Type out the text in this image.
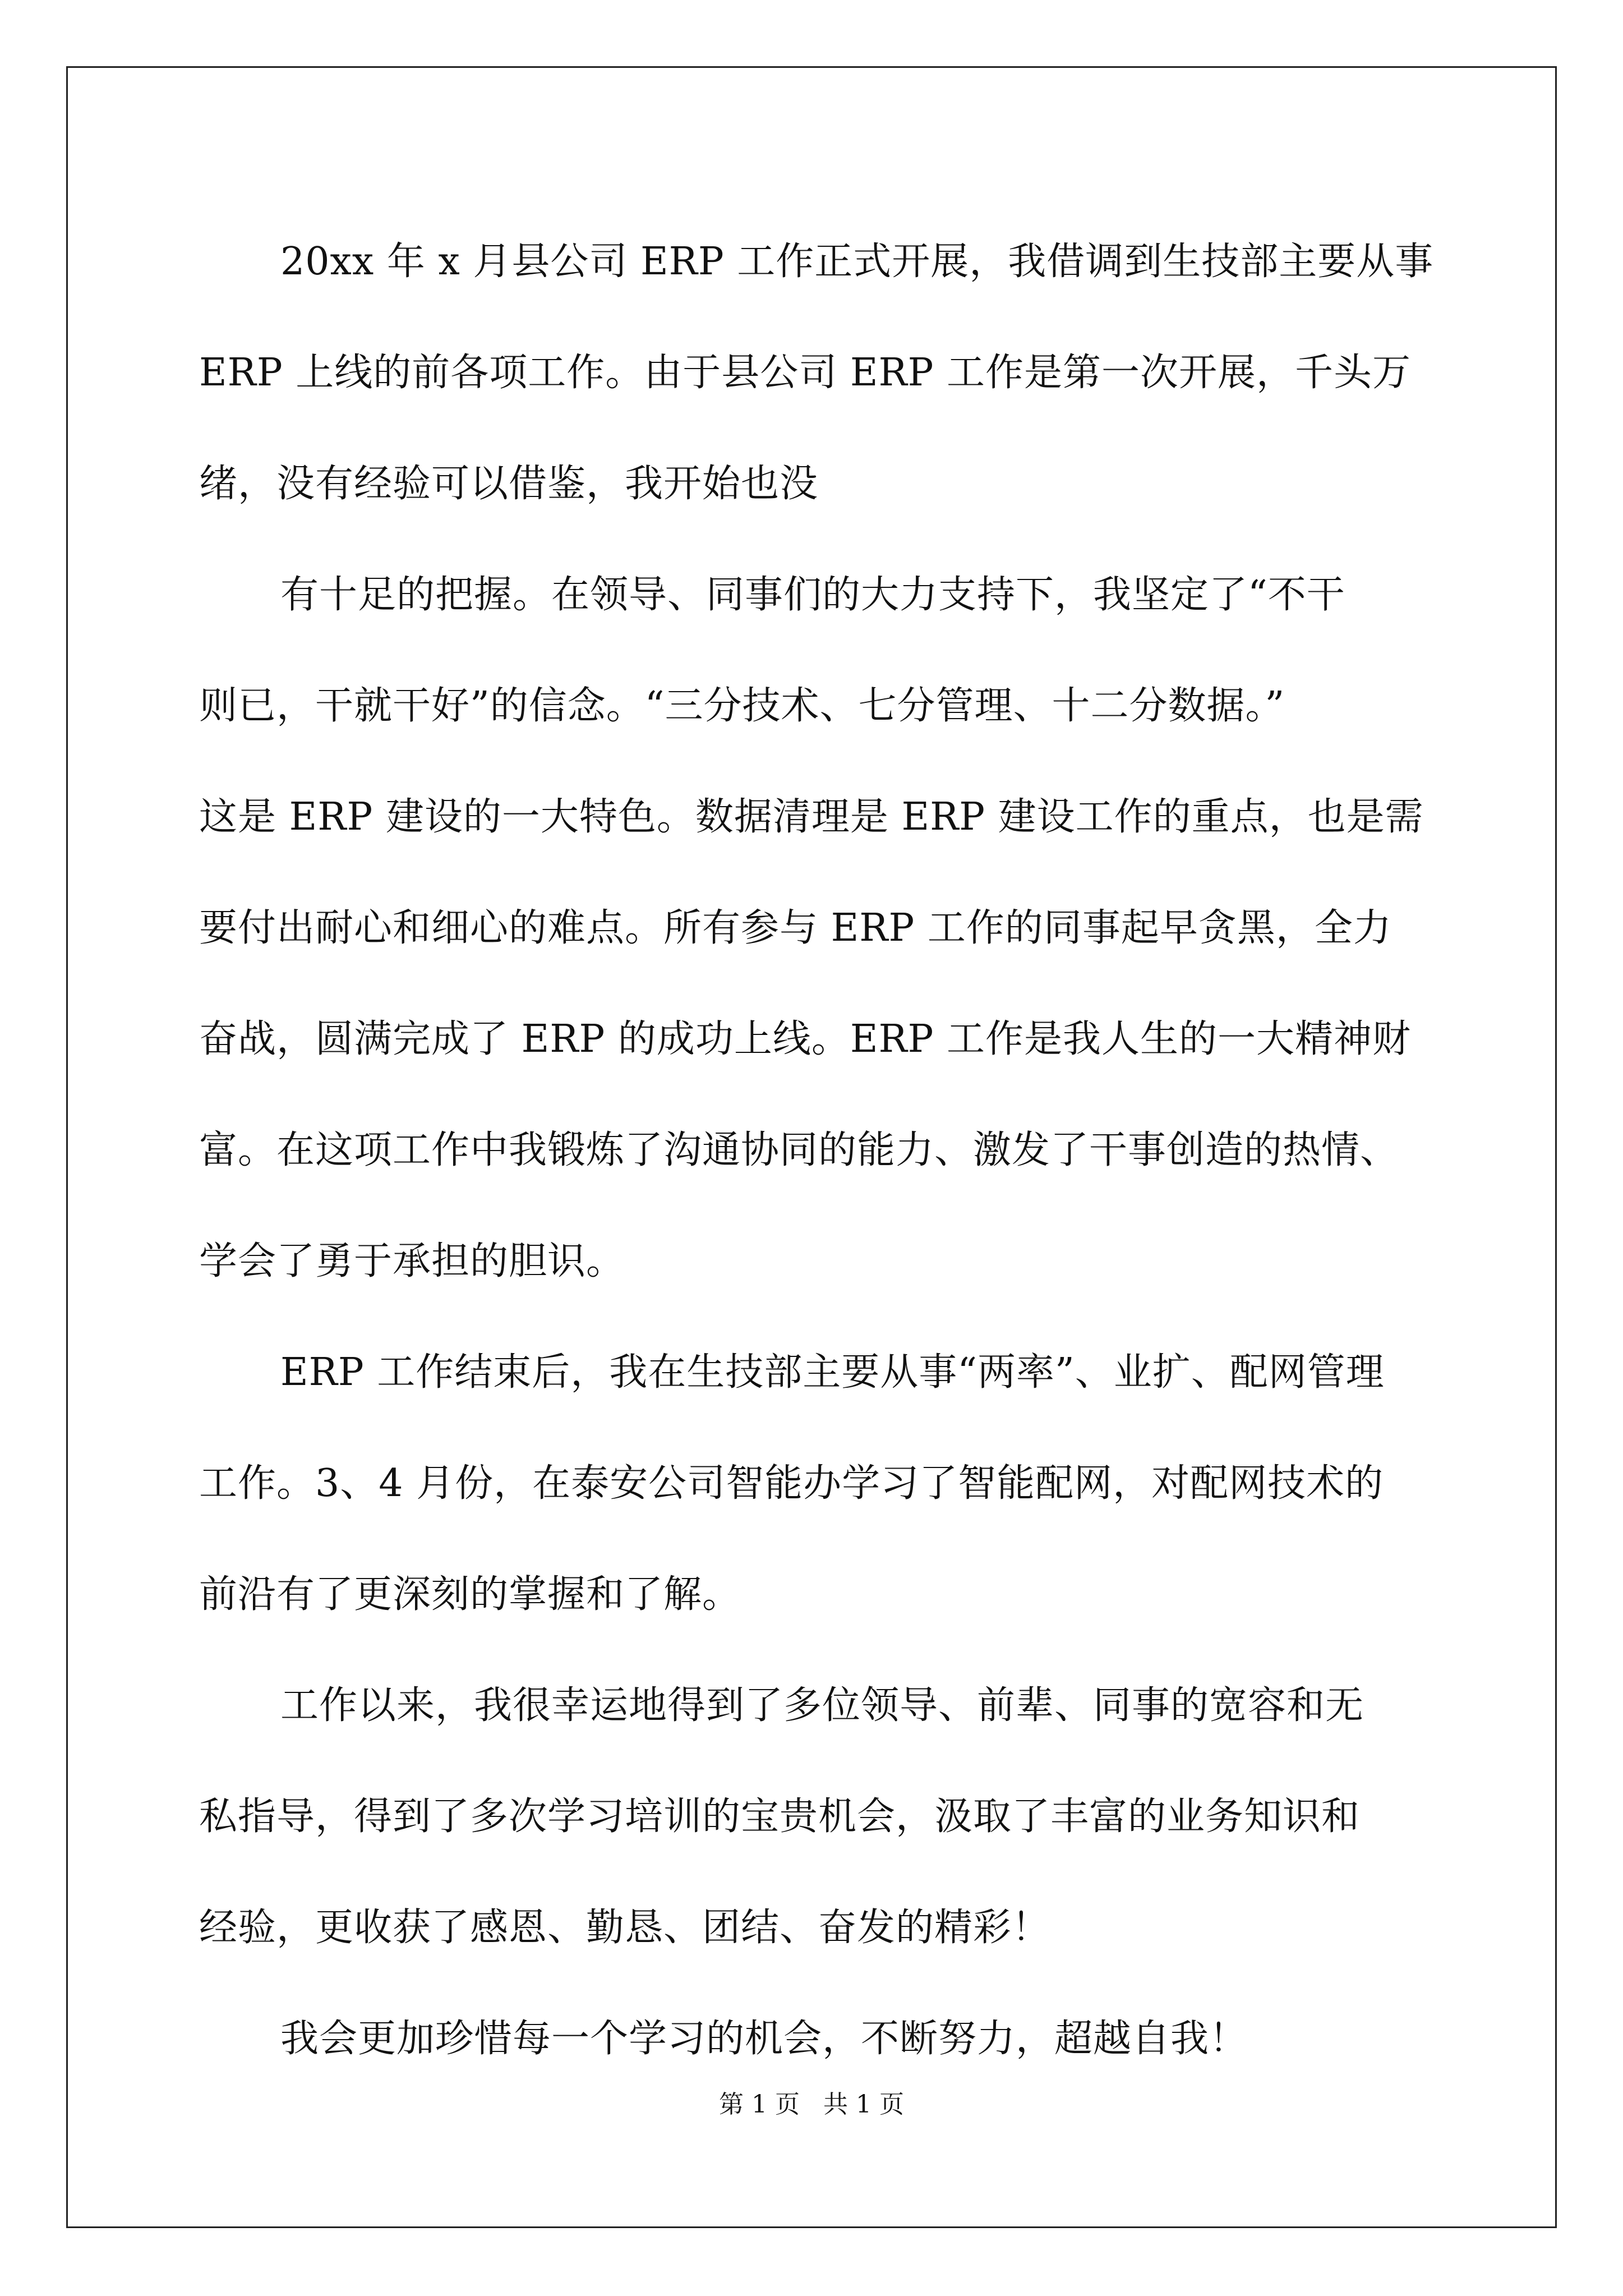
20xx 年 x 月县公司 ERP 工作正式开展，我借调到生技部主要从事
ERP 上线的前各项工作。由于县公司 ERP 工作是第一次开展，千头万
绪，没有经验可以借鉴，我开始也没
有十足的把握。在领导、同事们的大力支持下，我坚定了“不干
则已，干就干好”的信念。“三分技术、七分管理、十二分数据。”
这是 ERP 建设的一大特色。数据清理是 ERP 建设工作的重点，也是需
要付出耐心和细心的难点。所有参与 ERP 工作的同事起早贪黑，全力
奋战，圆满完成了 ERP 的成功上线。ERP 工作是我人生的一大精神财
富。在这项工作中我锻炼了沟通协同的能力、激发了干事创造的热情、
学会了勇于承担的胆识。
ERP 工作结束后，我在生技部主要从事“两率”、业扩、配网管理
工作。3、4 月份，在泰安公司智能办学习了智能配网，对配网技术的
前沿有了更深刻的掌握和了解。
工作以来，我很幸运地得到了多位领导、前辈、同事的宽容和无
私指导，得到了多次学习培训的宝贵机会，汲取了丰富的业务知识和
经验，更收获了感恩、勤恳、团结、奋发的精彩！
我会更加珍惜每一个学习的机会，不断努力，超越自我！
第 1 页   共 1 页
